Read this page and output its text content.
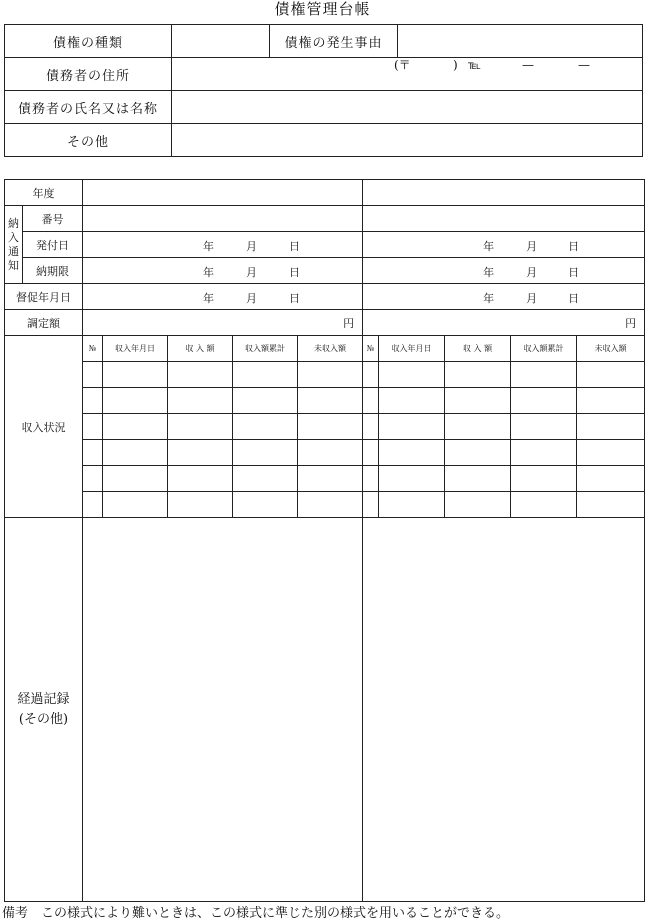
債権管理台帳
債権の種類		債権の発生事由	
債務者の住所	(〒 ) ℡ — —		

債務者の氏名又は名称			
その他			
年度											
納入通知	番号										
	発付日	年 月 日					年 月 日				

	納期限	年 月 日					年 月 日				

督促年月日		年 月 日					年 月 日				

調定額		円					円				
収入状況		№	収入年月日	収 入 額	収入額累計	未収入額	№	収入年月日	収 入 額	収入額累計	未収入額

経過記録
(その他)											
備考　この様式により難いときは、この様式に準じた別の様式を用いることができる。
